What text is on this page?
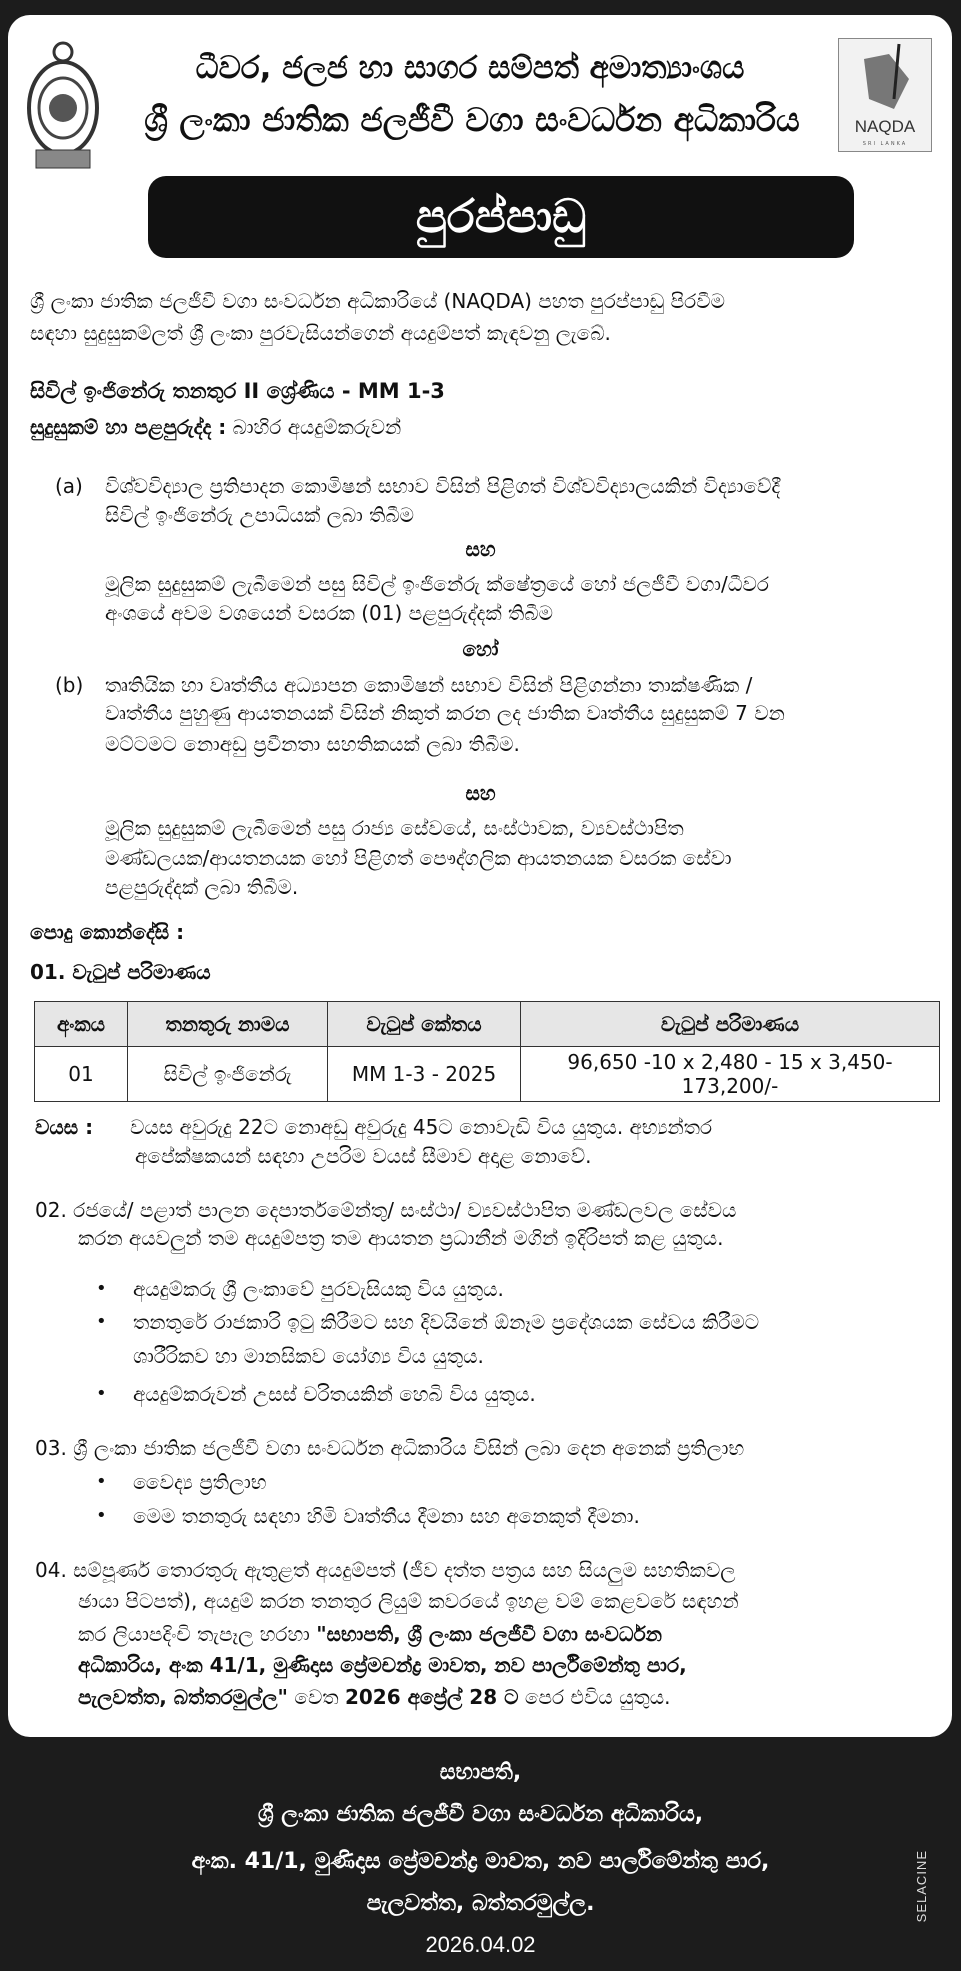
NAQDA
SRI LANKA
ධීවර, ජලජ හා සාගර සම්පත් අමාත්‍යාංශය
ශ්‍රී ලංකා ජාතික ජලජීවී වගා සංවර්ධන අධිකාරිය
පුරප්පාඩු
ශ්‍රී ලංකා ජාතික ජලජීවී වගා සංවර්ධන අධිකාරියේ (NAQDA) පහත පුරප්පාඩු පිරවීම
සඳහා සුදුසුකම්ලත් ශ්‍රී ලංකා පුරවැසියන්ගෙන් අයදුම්පත් කැඳවනු ලැබේ.
සිවිල් ඉංජිනේරු තනතුර II ශ්‍රේණිය - MM 1-3
සුදුසුකම් හා පළපුරුද්ද : බාහිර අයදුම්කරුවන්
(a) විශ්වවිද්‍යාල ප්‍රතිපාදන කොමිෂන් සභාව විසින් පිළිගත් විශ්වවිද්‍යාලයකින් විද්‍යාවේදී
සිවිල් ඉංජිනේරු උපාධියක් ලබා තිබීම
සහ
මූලික සුදුසුකම් ලැබීමෙන් පසු සිවිල් ඉංජිනේරු ක්ෂේත්‍රයේ හෝ ජලජීවී වගා/ධීවර
අංශයේ අවම වශයෙන් වසරක (01) පළපුරුද්දක් තිබීම
හෝ
(b) තෘතියික හා වෘත්තීය අධ්‍යාපන කොමිෂන් සභාව විසින් පිළිගන්නා තාක්ෂණික /
වෘත්තීය පුහුණු ආයතනයක් විසින් නිකුත් කරන ලද ජාතික වෘත්තීය සුදුසුකම් 7 වන
මට්ටමට නොඅඩු ප්‍රවීනතා සහතිකයක් ලබා තිබීම.
සහ
මූලික සුදුසුකම් ලැබීමෙන් පසු රාජ්‍ය සේවයේ, සංස්ථාවක, ව්‍යවස්ථාපිත
මණ්ඩලයක/ආයතනයක හෝ පිළිගත් පෞද්ගලික ආයතනයක වසරක සේවා
පළපුරුද්දක් ලබා තිබීම.
පොදු කොන්දේසි :
01. වැටුප් පරිමාණය
අංකය	තනතුරු නාමය	වැටුප් කේතය	වැටුප් පරිමාණය
01	සිවිල් ඉංජිනේරු	MM 1-3 - 2025	96,650 -10 x 2,480 - 15 x 3,450- 173,200/-
වයස : වයස අවුරුදු 22ට නොඅඩු අවුරුදු 45ට නොවැඩි විය යුතුය. අභ්‍යන්තර
අපේක්ෂකයන් සඳහා උපරිම වයස් සීමාව අදාළ නොවේ.
02. රජයේ/ පළාත් පාලන දෙපාර්තමේන්තු/ සංස්ථා/ ව්‍යවස්ථාපිත මණ්ඩලවල සේවය
කරන අයවලුන් තම අයදුම්පත්‍ර තම ආයතන ප්‍රධානීන් මගින් ඉදිරිපත් කළ යුතුය.
• අයදුම්කරු ශ්‍රී ලංකාවේ පුරවැසියකු විය යුතුය.
• තනතුරේ රාජකාරි ඉටු කිරීමට සහ දිවයිනේ ඕනෑම ප්‍රදේශයක සේවය කිරීමට
ශාරීරිකව හා මානසිකව යෝග්‍ය විය යුතුය.
• අයදුම්කරුවන් උසස් චරිතයකින් හෙබි විය යුතුය.
03. ශ්‍රී ලංකා ජාතික ජලජීවී වගා සංවර්ධන අධිකාරිය විසින් ලබා දෙන අනෙක් ප්‍රතිලාභ
• වෛද්‍ය ප්‍රතිලාභ
• මෙම තනතුරු සඳහා හිමි වෘත්තීය දීමනා සහ අනෙකුත් දීමනා.
04. සම්පූර්ණ තොරතුරු ඇතුළත් අයදුම්පත් (ජීව දත්ත පත්‍රය සහ සියලුම සහතිකවල
ඡායා පිටපත්), අයදුම් කරන තනතුර ලියුම් කවරයේ ඉහළ වම් කෙළවරේ සඳහන්
කර ලියාපදිංචි තැපෑල හරහා "සභාපති, ශ්‍රී ලංකා ජලජීවී වගා සංවර්ධන
අධිකාරිය, අංක 41/1, මුණිදාස ප්‍රේමචන්ද්‍ර මාවත, නව පාර්ලිමේන්තු පාර,
පැලවත්ත, බත්තරමුල්ල" වෙත 2026 අප්‍රේල් 28 ට පෙර එවිය යුතුය.
සභාපති,
ශ්‍රී ලංකා ජාතික ජලජීවී වගා සංවර්ධන අධිකාරිය,
අංක. 41/1, මුණිදාස ප්‍රේමචන්ද්‍ර මාවත, නව පාර්ලිමේන්තු පාර,
පැලවත්ත, බත්තරමුල්ල.
2026.04.02
SELACINE
